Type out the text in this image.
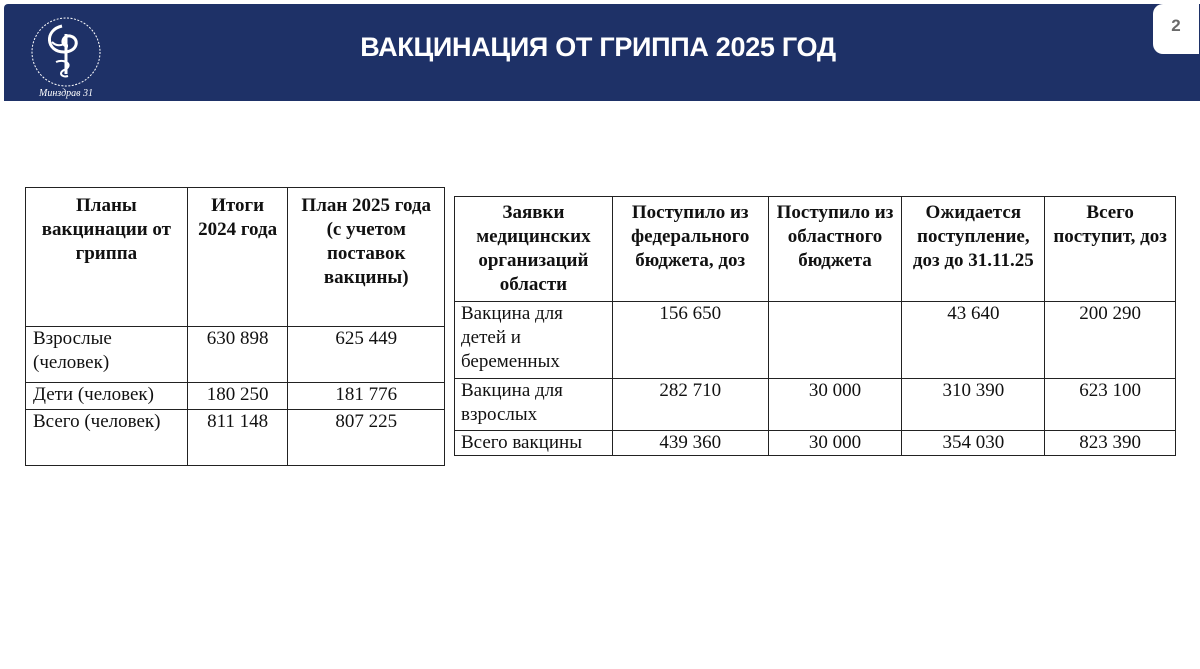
Минздрав 31
ВАКЦИНАЦИЯ ОТ ГРИППА 2025 ГОД
2
Планы вакцинации от гриппа	Итоги 2024 года	План 2025 года (с учетом поставок вакцины)
Взрослые (человек)	630 898	625 449
Дети (человек)	180 250	181 776
Всего (человек)	811 148	807 225
Заявки медицинских организаций области	Поступило из федерального бюджета, доз	Поступило из областного бюджета	Ожидается поступление, доз до 31.11.25	Всего поступит, доз
Вакцина для детей и беременных	156 650		43 640	200 290
Вакцина для взрослых	282 710	30 000	310 390	623 100
Всего вакцины	439 360	30 000	354 030	823 390
